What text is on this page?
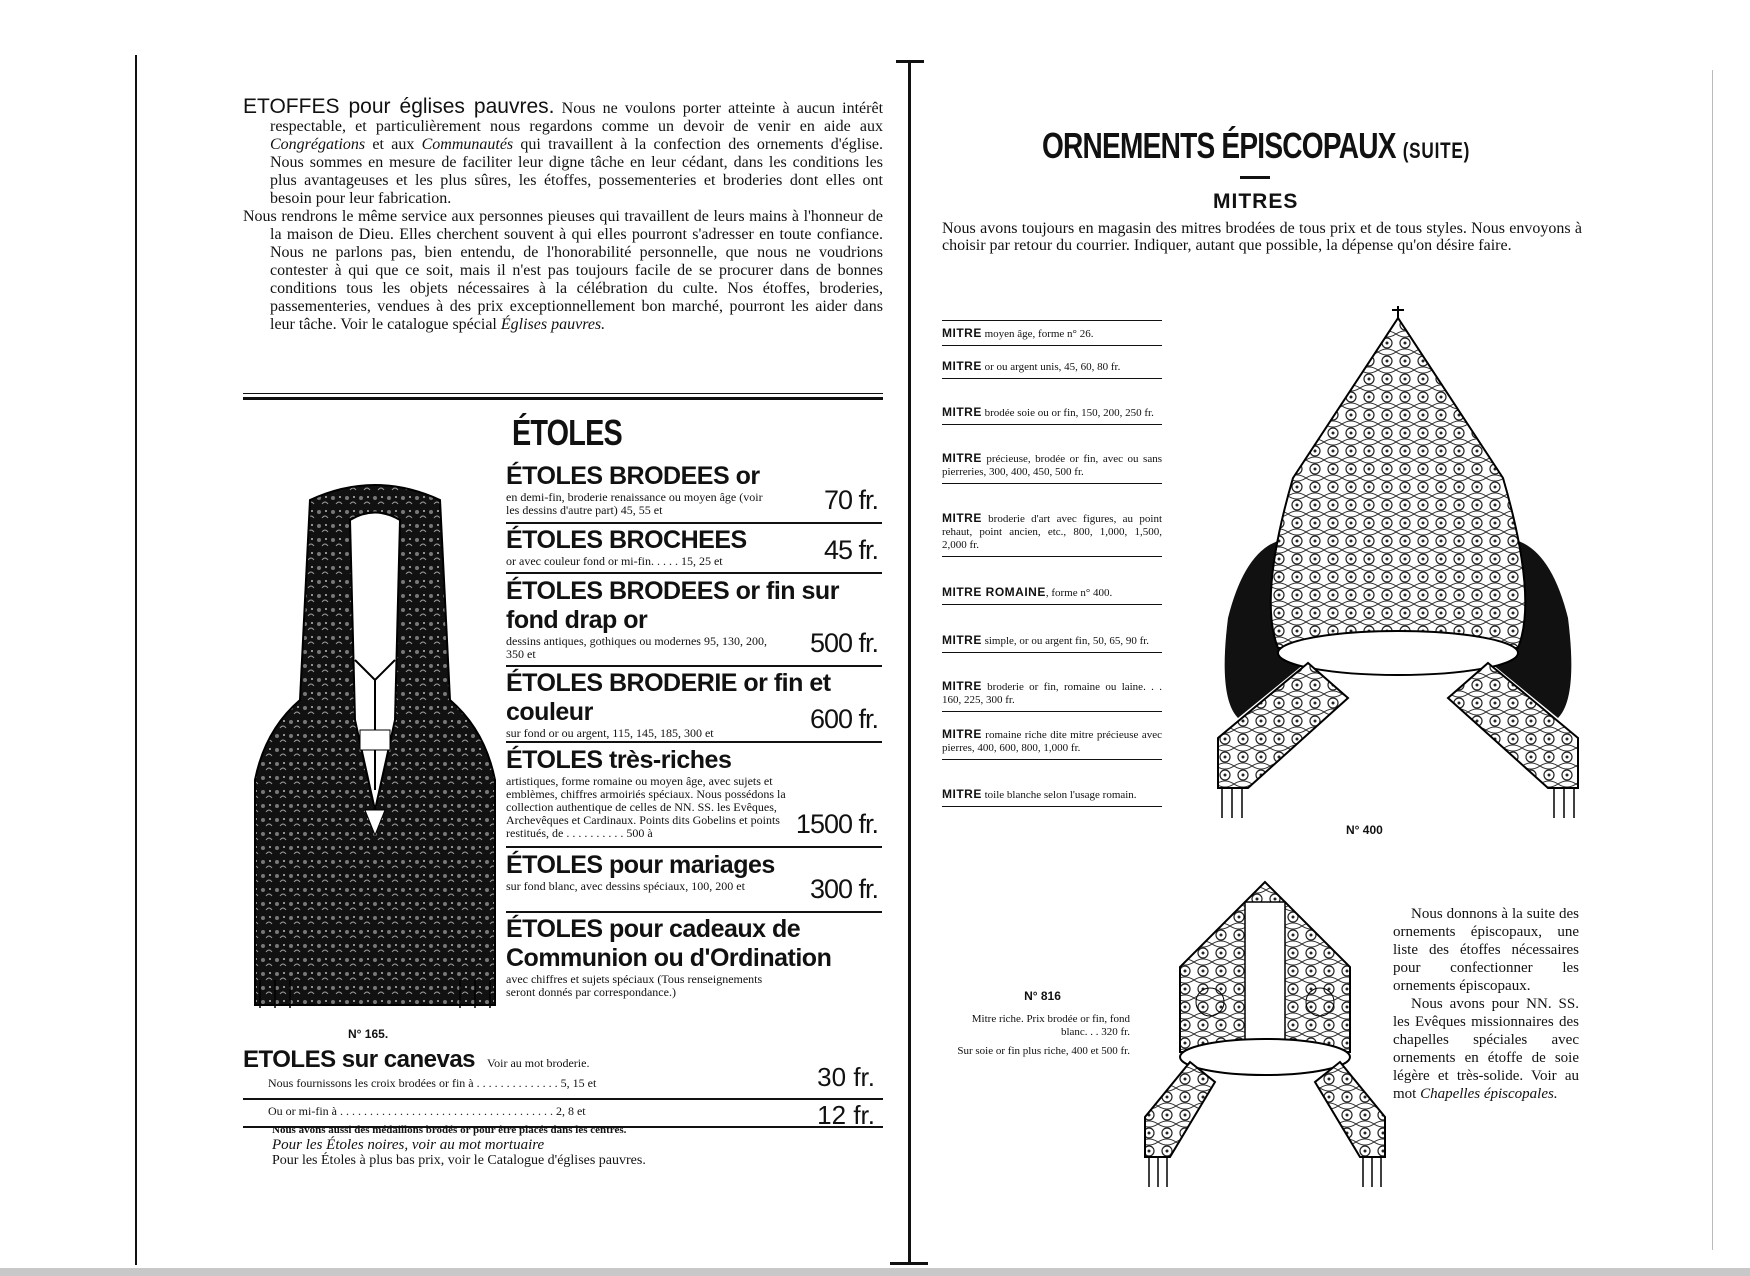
ETOFFES pour églises pauvres. Nous ne voulons porter atteinte à aucun intérêt respectable, et particulièrement nous regardons comme un devoir de venir en aide aux Congrégations et aux Communautés qui travaillent à la confection des ornements d'église. Nous sommes en mesure de faciliter leur digne tâche en leur cédant, dans les conditions les plus avantageuses et les plus sûres, les étoffes, possementeries et broderies dont elles ont besoin pour leur fabrication.

Nous rendrons le même service aux personnes pieuses qui travaillent de leurs mains à l'honneur de la maison de Dieu. Elles cherchent souvent à qui elles pourront s'adresser en toute confiance. Nous ne parlons pas, bien entendu, de l'honorabilité personnelle, que nous ne voudrions contester à qui que ce soit, mais il n'est pas toujours facile de se procurer dans de bonnes conditions tous les objets nécessaires à la célébration du culte. Nos étoffes, broderies, passementeries, vendues à des prix exceptionnellement bon marché, pourront les aider dans leur tâche. Voir le catalogue spécial Églises pauvres.

ÉTOLES
N° 165.
ÉTOLES BRODEES or
en demi-fin, broderie renaissance ou moyen âge (voir les dessins d'autre part) 45, 55 et	70 fr.
ÉTOLES BROCHEES
or avec couleur fond or mi-fin. . . . . 15, 25 et	45 fr.
ÉTOLES BRODEES or fin sur fond drap or
dessins antiques, gothiques ou modernes 95, 130, 200, 350 et	500 fr.
ÉTOLES BRODERIE or fin et couleur
sur fond or ou argent, 115, 145, 185, 300 et	600 fr.
ÉTOLES très-riches
artistiques, forme romaine ou moyen âge, avec sujets et emblèmes, chiffres armoiriés spéciaux. Nous possédons la collection authentique de celles de NN. SS. les Evêques, Archevêques et Cardinaux. Points dits Gobelins et points restitués, de . . . . . . . . . . 500 à	1500 fr.
ÉTOLES pour mariages
sur fond blanc, avec dessins spéciaux, 100, 200 et	300 fr.
ÉTOLES pour cadeaux de Communion ou d'Ordination
avec chiffres et sujets spéciaux (Tous renseignements seront donnés par correspondance.)
ETOLES sur canevas Voir au mot broderie.
Nous fournissons les croix brodées or fin à . . . . . . . . . . . . . . 5, 15 et	30 fr.
Ou or mi-fin à . . . . . . . . . . . . . . . . . . . . . . . . . . . . . . . . . . . . 2, 8 et	12 fr.
Nous avons aussi des médaillons brodés or pour être placés dans les centres.
Pour les Étoles noires, voir au mot mortuaire
Pour les Étoles à plus bas prix, voir le Catalogue d'églises pauvres.
ORNEMENTS ÉPISCOPAUX (SUITE)
MITRES
Nous avons toujours en magasin des mitres brodées de tous prix et de tous styles. Nous envoyons à choisir par retour du courrier. Indiquer, autant que possible, la dépense qu'on désire faire.
MITRE moyen âge, forme n° 26.
MITRE or ou argent unis, 45, 60, 80 fr.
MITRE brodée soie ou or fin, 150, 200, 250 fr.
MITRE précieuse, brodée or fin, avec ou sans pierreries, 300, 400, 450, 500 fr.
MITRE broderie d'art avec figures, au point rehaut, point ancien, etc., 800, 1,000, 1,500, 2,000 fr.
MITRE ROMAINE, forme n° 400.
MITRE simple, or ou argent fin, 50, 65, 90 fr.
MITRE broderie or fin, romaine ou laine. . . 160, 225, 300 fr.
MITRE romaine riche dite mitre précieuse avec pierres, 400, 600, 800, 1,000 fr.
MITRE toile blanche selon l'usage romain.
N° 400
N° 816
Mitre riche. Prix brodée or fin, fond blanc. . . 320 fr.
Sur soie or fin plus riche, 400 et 500 fr.

Nous donnons à la suite des ornements épiscopaux, une liste des étoffes nécessaires pour confectionner les ornements épiscopaux.

Nous avons pour NN. SS. les Evêques missionnaires des chapelles spéciales avec ornements en étoffe de soie légère et très-solide. Voir au mot Chapelles épiscopales.
